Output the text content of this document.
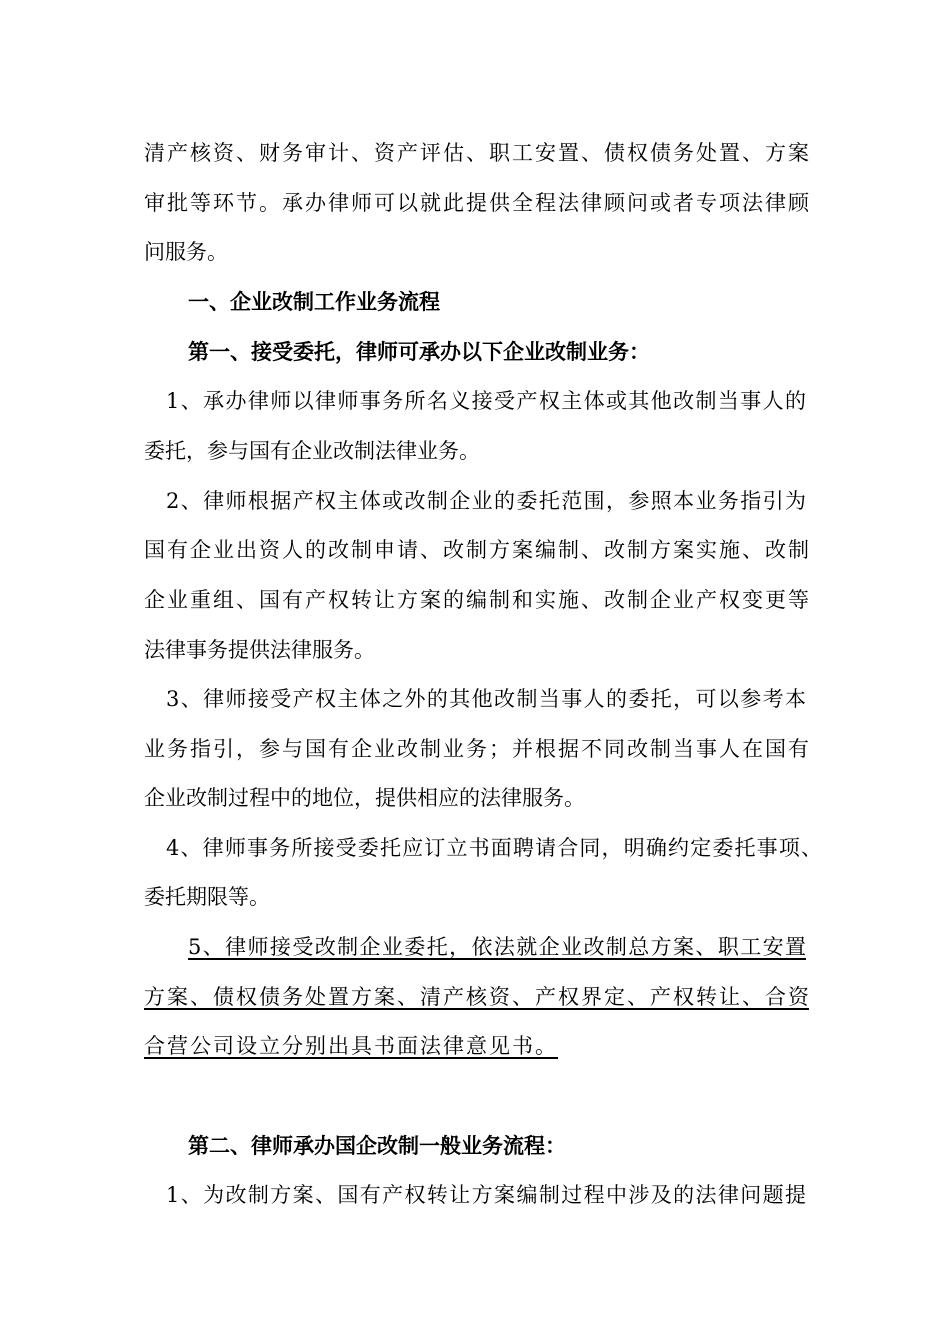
清产核资、财务审计、资产评估、职工安置、债权债务处置、方案
审批等环节。承办律师可以就此提供全程法律顾问或者专项法律顾
问服务。
一、企业改制工作业务流程
第一、接受委托，律师可承办以下企业改制业务：
1、承办律师以律师事务所名义接受产权主体或其他改制当事人的
委托，参与国有企业改制法律业务。
2、律师根据产权主体或改制企业的委托范围，参照本业务指引为
国有企业出资人的改制申请、改制方案编制、改制方案实施、改制
企业重组、国有产权转让方案的编制和实施、改制企业产权变更等
法律事务提供法律服务。
3、律师接受产权主体之外的其他改制当事人的委托，可以参考本
业务指引，参与国有企业改制业务；并根据不同改制当事人在国有
企业改制过程中的地位，提供相应的法律服务。
4、律师事务所接受委托应订立书面聘请合同，明确约定委托事项、
委托期限等。
5、律师接受改制企业委托，依法就企业改制总方案、职工安置
方案、债权债务处置方案、清产核资、产权界定、产权转让、合资
合营公司设立分别出具书面法律意见书。
第二、律师承办国企改制一般业务流程：
1、为改制方案、国有产权转让方案编制过程中涉及的法律问题提
